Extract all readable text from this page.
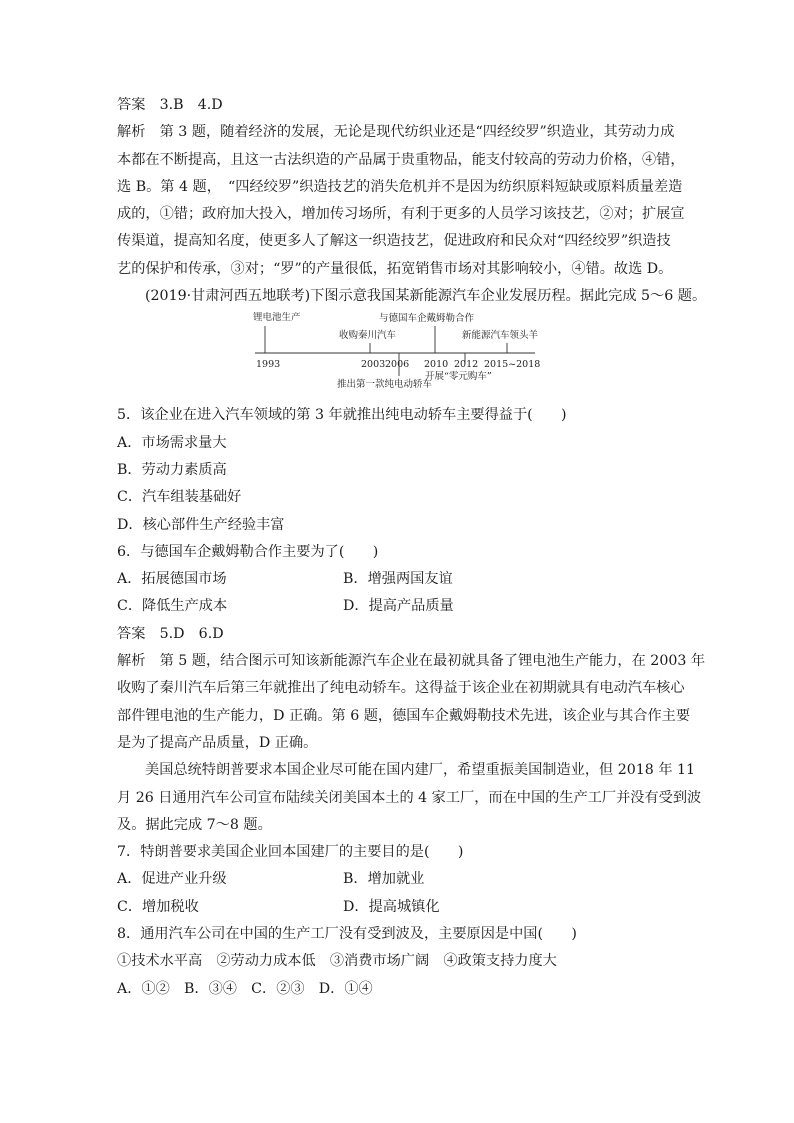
答案　3.B　4.D
解析　第 3 题，随着经济的发展，无论是现代纺织业还是“四经绞罗”织造业，其劳动力成
本都在不断提高，且这一古法织造的产品属于贵重物品，能支付较高的劳动力价格，④错，
选 B。第 4 题，　“四经绞罗”织造技艺的消失危机并不是因为纺织原料短缺或原料质量差造
成的，①错；政府加大投入，增加传习场所，有利于更多的人员学习该技艺，②对；扩展宣
传渠道，提高知名度，使更多人了解这一织造技艺，促进政府和民众对“四经绞罗”织造技
艺的保护和传承，③对；“罗”的产量很低，拓宽销售市场对其影响较小，④错。故选 D。
(2019·甘肃河西五地联考)下图示意我国某新能源汽车企业发展历程。据此完成 5～6 题。
锂电池生产
1993
收购秦川汽车
2003 2006
推出第一款纯电动轿车
与德国车企戴姆勒合作
2010 2012
开展“零元购车”
新能源汽车领头羊
2015~2018
5．该企业在进入汽车领域的第 3 年就推出纯电动轿车主要得益于(　　)
A．市场需求量大
B．劳动力素质高
C．汽车组装基础好
D．核心部件生产经验丰富
6．与德国车企戴姆勒合作主要为了(　　)
A．拓展德国市场	B．增强两国友谊
C．降低生产成本	D．提高产品质量
答案　5.D　6.D
解析　第 5 题，结合图示可知该新能源汽车企业在最初就具备了锂电池生产能力，在 2003 年
收购了秦川汽车后第三年就推出了纯电动轿车。这得益于该企业在初期就具有电动汽车核心
部件锂电池的生产能力，D 正确。第 6 题，德国车企戴姆勒技术先进，该企业与其合作主要
是为了提高产品质量，D 正确。
美国总统特朗普要求本国企业尽可能在国内建厂，希望重振美国制造业，但 2018 年 11
月 26 日通用汽车公司宣布陆续关闭美国本土的 4 家工厂，而在中国的生产工厂并没有受到波
及。据此完成 7～8 题。
7．特朗普要求美国企业回本国建厂的主要目的是(　　)
A．促进产业升级	B．增加就业
C．增加税收	D．提高城镇化
8．通用汽车公司在中国的生产工厂没有受到波及，主要原因是中国(　　)
①技术水平高　②劳动力成本低　③消费市场广阔　④政策支持力度大
A．①②　B．③④　C．②③　D．①④
